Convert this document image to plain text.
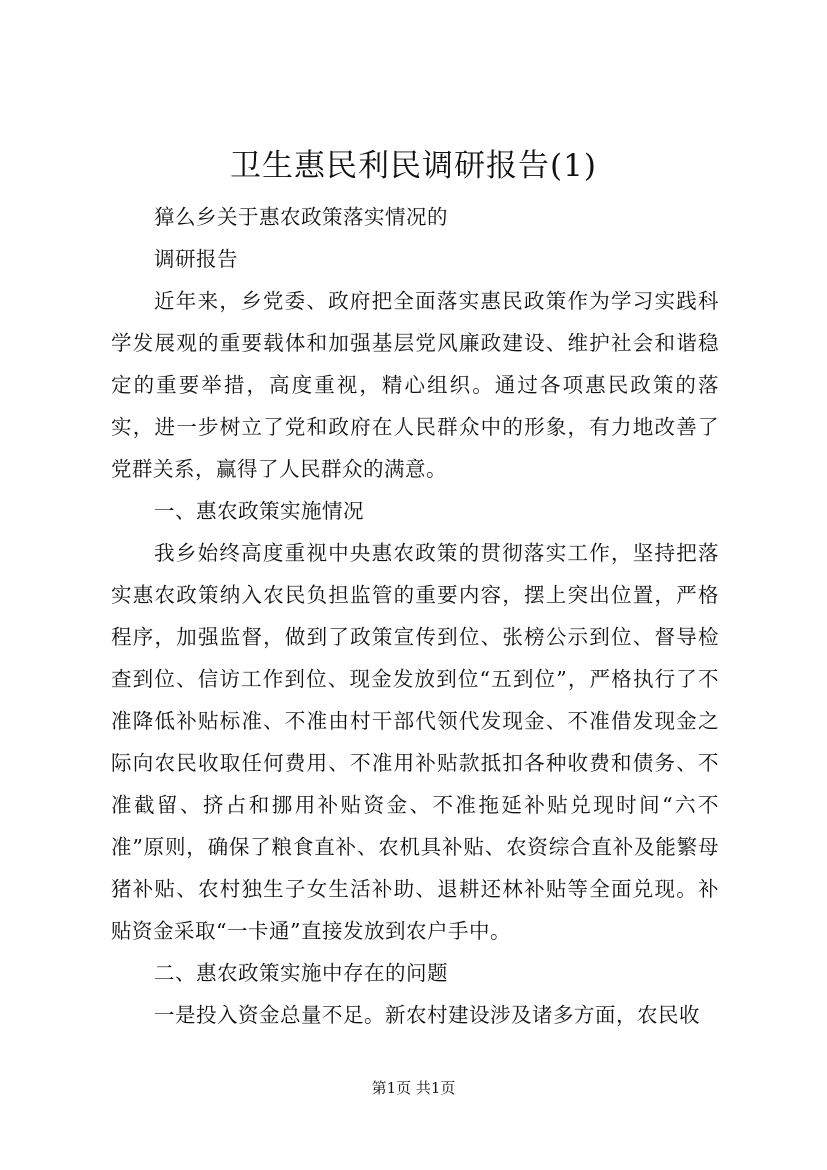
卫生惠民利民调研报告(1)

獐么乡关于惠农政策落实情况的

调研报告

近年来，乡党委、政府把全面落实惠民政策作为学习实践科学发展观的重要载体和加强基层党风廉政建设、维护社会和谐稳定的重要举措，高度重视，精心组织。通过各项惠民政策的落实，进一步树立了党和政府在人民群众中的形象，有力地改善了党群关系，赢得了人民群众的满意。

一、惠农政策实施情况

我乡始终高度重视中央惠农政策的贯彻落实工作，坚持把落实惠农政策纳入农民负担监管的重要内容，摆上突出位置，严格程序，加强监督，做到了政策宣传到位、张榜公示到位、督导检查到位、信访工作到位、现金发放到位“五到位”，严格执行了不准降低补贴标准、不准由村干部代领代发现金、不准借发现金之际向农民收取任何费用、不准用补贴款抵扣各种收费和债务、不准截留、挤占和挪用补贴资金、不准拖延补贴兑现时间“六不准”原则，确保了粮食直补、农机具补贴、农资综合直补及能繁母猪补贴、农村独生子女生活补助、退耕还林补贴等全面兑现。补贴资金采取“一卡通”直接发放到农户手中。

二、惠农政策实施中存在的问题

一是投入资金总量不足。新农村建设涉及诸多方面，农民收

第1页 共1页
